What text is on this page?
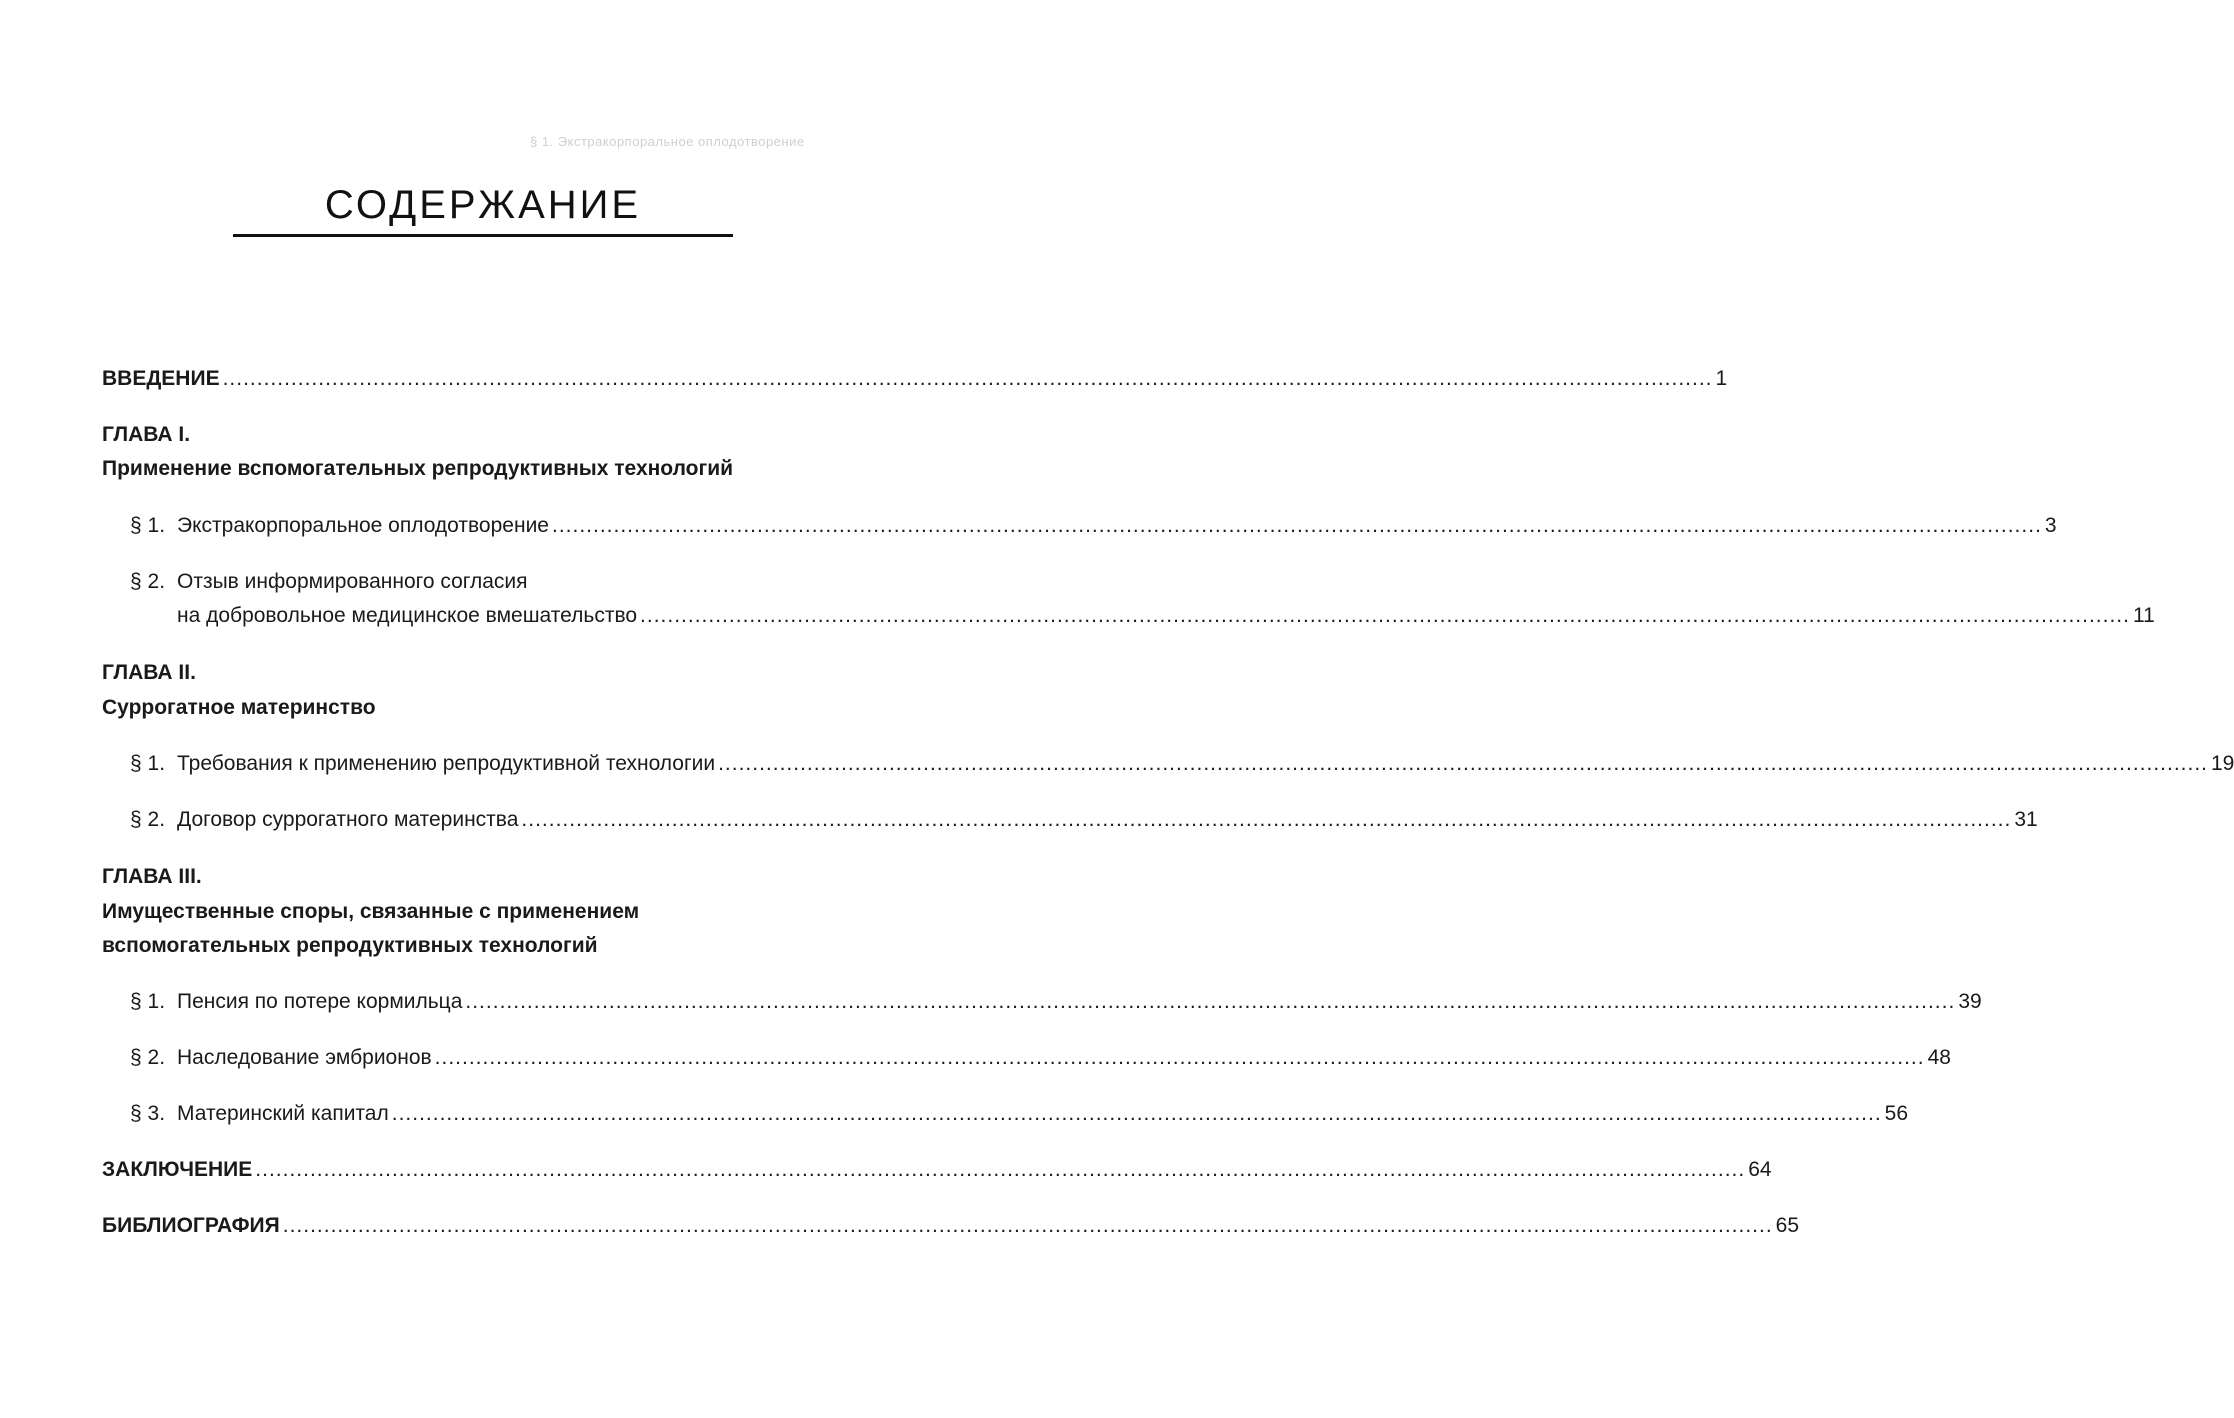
§ 1. Экстракорпоральное оплодотворение
СОДЕРЖАНИЕ
ВВЕДЕНИЕ .......................................................................................................................................................................................................................... 1
ГЛАВА I.
Применение вспомогательных репродуктивных технологий
§ 1. Экстракорпоральное оплодотворение .......................................................................................................................................................................................................................... 3
§ 2. Отзыв информированного согласия
на добровольное медицинское вмешательство .......................................................................................................................................................................................................................... 11
ГЛАВА II.
Суррогатное материнство
§ 1. Требования к применению репродуктивной технологии .......................................................................................................................................................................................................................... 19
§ 2. Договор суррогатного материнства .......................................................................................................................................................................................................................... 31
ГЛАВА III.
Имущественные споры, связанные с применением
вспомогательных репродуктивных технологий
§ 1. Пенсия по потере кормильца .......................................................................................................................................................................................................................... 39
§ 2. Наследование эмбрионов .......................................................................................................................................................................................................................... 48
§ 3. Материнский капитал .......................................................................................................................................................................................................................... 56
ЗАКЛЮЧЕНИЕ .......................................................................................................................................................................................................................... 64
БИБЛИОГРАФИЯ .......................................................................................................................................................................................................................... 65
